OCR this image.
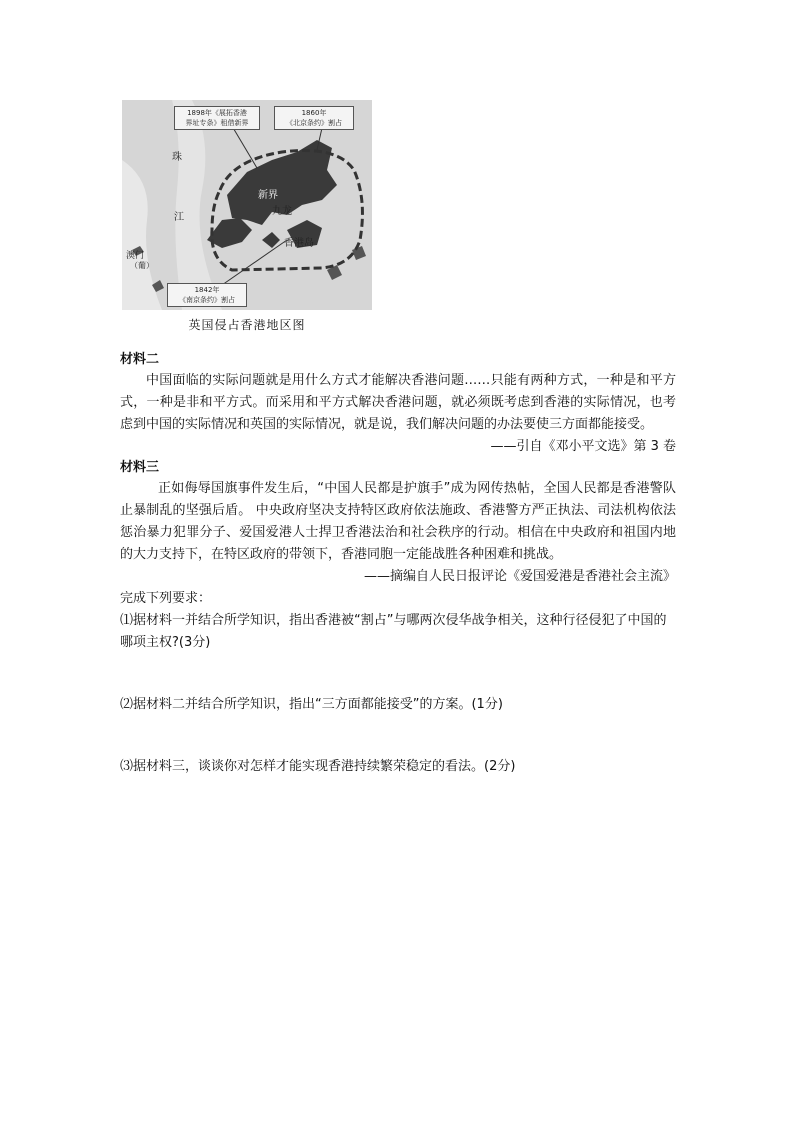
1898年《展拓香港
界址专条》租借新界
1860年
《北京条约》割占
1842年
《南京条约》割占
珠
江
新界
九龙
香港岛
澳门
（葡）
英国侵占香港地区图
材料二

中国面临的实际问题就是用什么方式才能解决香港问题……只能有两种方式，一种是和平方式，一种是非和平方式。而采用和平方式解决香港问题，就必须既考虑到香港的实际情况，也考虑到中国的实际情况和英国的实际情况，就是说，我们解决问题的办法要使三方面都能接受。

——引自《邓小平文选》第 3 卷

材料三

正如侮辱国旗事件发生后，“中国人民都是护旗手”成为网传热帖，全国人民都是香港警队止暴制乱的坚强后盾。 中央政府坚决支持特区政府依法施政、香港警方严正执法、司法机构依法惩治暴力犯罪分子、爱国爱港人士捍卫香港法治和社会秩序的行动。相信在中央政府和祖国内地的大力支持下，在特区政府的带领下，香港同胞一定能战胜各种困难和挑战。

——摘编自人民日报评论《爱国爱港是香港社会主流》

完成下列要求：

⑴据材料一并结合所学知识，指出香港被“割占”与哪两次侵华战争相关，这种行径侵犯了中国的哪项主权?(3分)

⑵据材料二并结合所学知识，指出“三方面都能接受”的方案。(1分)

⑶据材料三，谈谈你对怎样才能实现香港持续繁荣稳定的看法。(2分)
